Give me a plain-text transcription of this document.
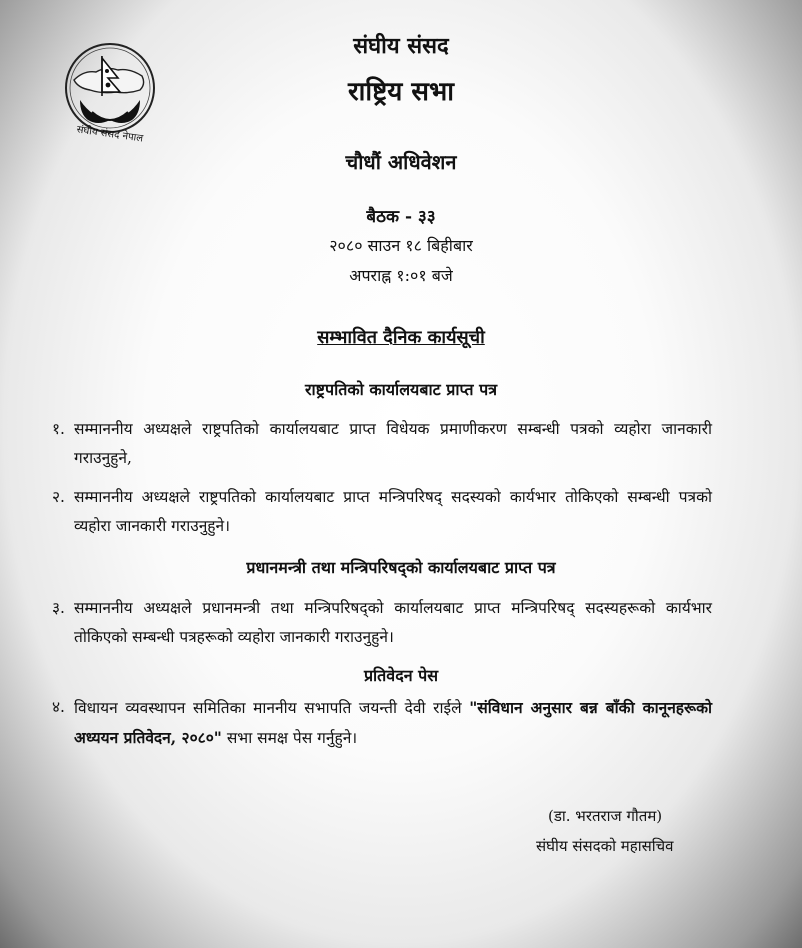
संघीय संसद नेपाल
संघीय संसद
राष्ट्रिय सभा
चौधौं अधिवेशन
बैठक - ३३
२०८० साउन १८ बिहीबार
अपराह्न १:०१ बजे
सम्भावित दैनिक कार्यसूची
राष्ट्रपतिको कार्यालयबाट प्राप्त पत्र
१. सम्माननीय अध्यक्षले राष्ट्रपतिको कार्यालयबाट प्राप्त विधेयक प्रमाणीकरण सम्बन्धी पत्रको व्यहोरा जानकारी गराउनुहुने,
२. सम्माननीय अध्यक्षले राष्ट्रपतिको कार्यालयबाट प्राप्त मन्त्रिपरिषद् सदस्यको कार्यभार तोकिएको सम्बन्धी पत्रको व्यहोरा जानकारी गराउनुहुने।
प्रधानमन्त्री तथा मन्त्रिपरिषद्को कार्यालयबाट प्राप्त पत्र
३. सम्माननीय अध्यक्षले प्रधानमन्त्री तथा मन्त्रिपरिषद्को कार्यालयबाट प्राप्त मन्त्रिपरिषद् सदस्यहरूको कार्यभार तोकिएको सम्बन्धी पत्रहरूको व्यहोरा जानकारी गराउनुहुने।
प्रतिवेदन पेस
४. विधायन व्यवस्थापन समितिका माननीय सभापति जयन्ती देवी राईले "संविधान अनुसार बन्न बाँकी कानूनहरूको अध्ययन प्रतिवेदन, २०८०" सभा समक्ष पेस गर्नुहुने।
(डा. भरतराज गौतम)
संघीय संसदको महासचिव
